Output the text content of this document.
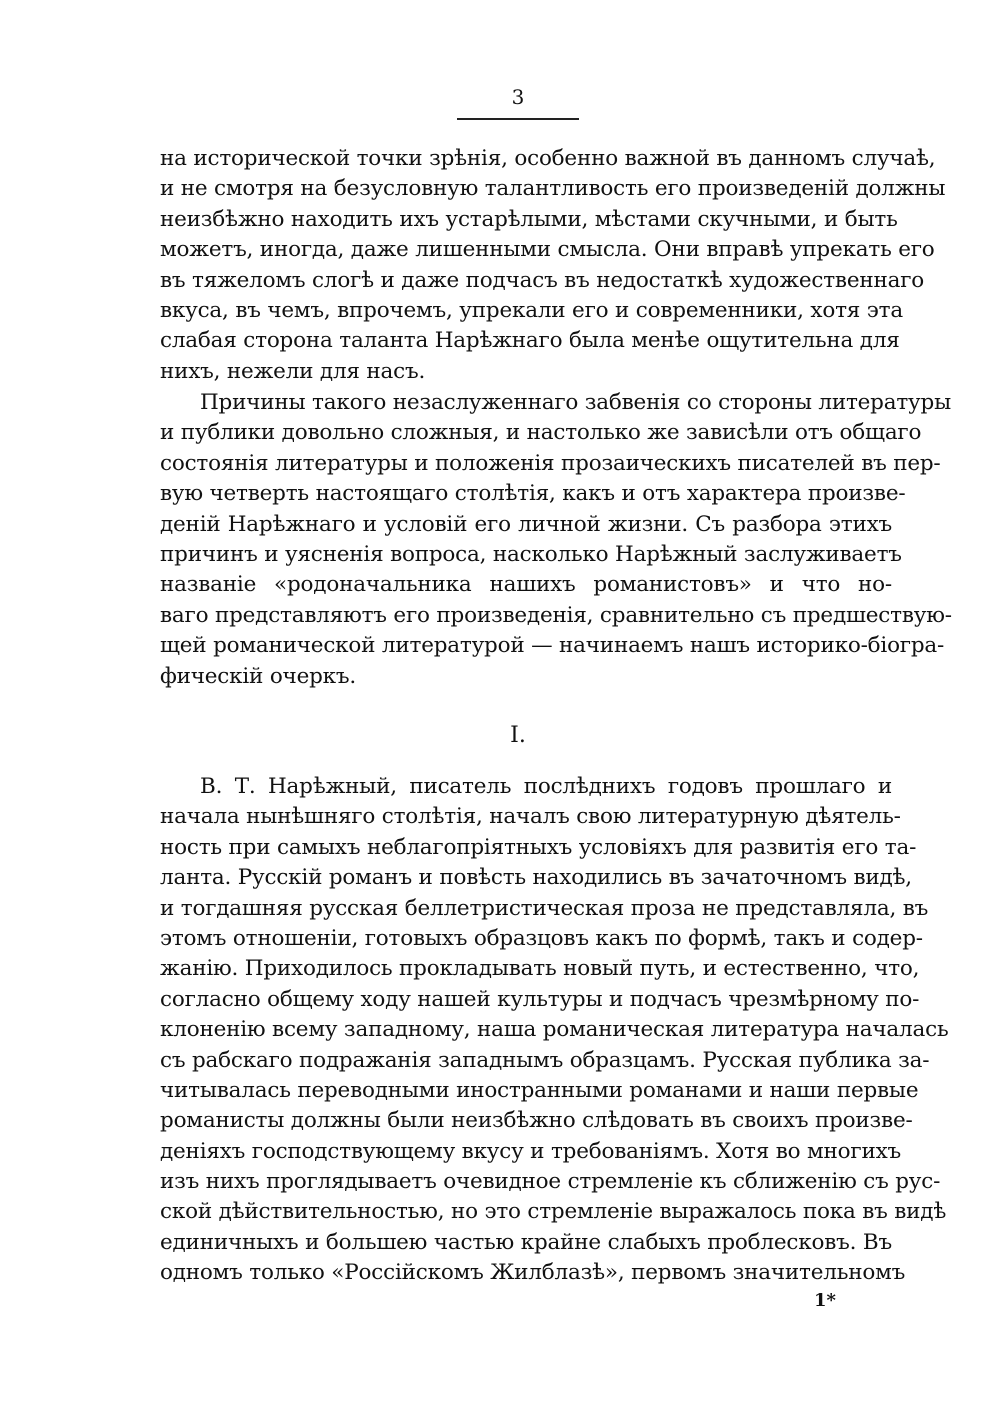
3
на исторической точки зрѣнія, особенно важной въ данномъ случаѣ,
и не смотря на безусловную талантливость его произведеній должны
неизбѣжно находить ихъ устарѣлыми, мѣстами скучными, и быть
можетъ, иногда, даже лишенными смысла. Они вправѣ упрекать его
въ тяжеломъ слогѣ и даже подчасъ въ недостаткѣ художественнаго
вкуса, въ чемъ, впрочемъ, упрекали его и современники, хотя эта
слабая сторона таланта Нарѣжнаго была менѣе ощутительна для
нихъ, нежели для насъ.
Причины такого незаслуженнаго забвенія со стороны литературы
и публики довольно сложныя, и настолько же зависѣли отъ общаго
состоянія литературы и положенія прозаическихъ писателей въ пер-
вую четверть настоящаго столѣтія, какъ и отъ характера произве-
деній Нарѣжнаго и условій его личной жизни. Съ разбора этихъ
причинъ и уясненія вопроса, насколько Нарѣжный заслуживаетъ
названіе «родоначальника нашихъ романистовъ» и что но-
ваго представляютъ его произведенія, сравнительно съ предшествую-
щей романической литературой — начинаемъ нашъ историко-біогра-
фическій очеркъ.
I.
В. Т. Нарѣжный, писатель послѣднихъ годовъ прошлаго и
начала нынѣшняго столѣтія, началъ свою литературную дѣятель-
ность при самыхъ неблагопріятныхъ условіяхъ для развитія его та-
ланта. Русскій романъ и повѣсть находились въ зачаточномъ видѣ,
и тогдашняя русская беллетристическая проза не представляла, въ
этомъ отношеніи, готовыхъ образцовъ какъ по формѣ, такъ и содер-
жанію. Приходилось прокладывать новый путь, и естественно, что,
согласно общему ходу нашей культуры и подчасъ чрезмѣрному по-
клоненію всему западному, наша романическая литература началась
съ рабскаго подражанія западнымъ образцамъ. Русская публика за-
читывалась переводными иностранными романами и наши первые
романисты должны были неизбѣжно слѣдовать въ своихъ произве-
деніяхъ господствующему вкусу и требованіямъ. Хотя во многихъ
изъ нихъ проглядываетъ очевидное стремленіе къ сближенію съ рус-
ской дѣйствительностью, но это стремленіе выражалось пока въ видѣ
единичныхъ и большею частью крайне слабыхъ проблесковъ. Въ
одномъ только «Россійскомъ Жилблазѣ», первомъ значительномъ
1*
